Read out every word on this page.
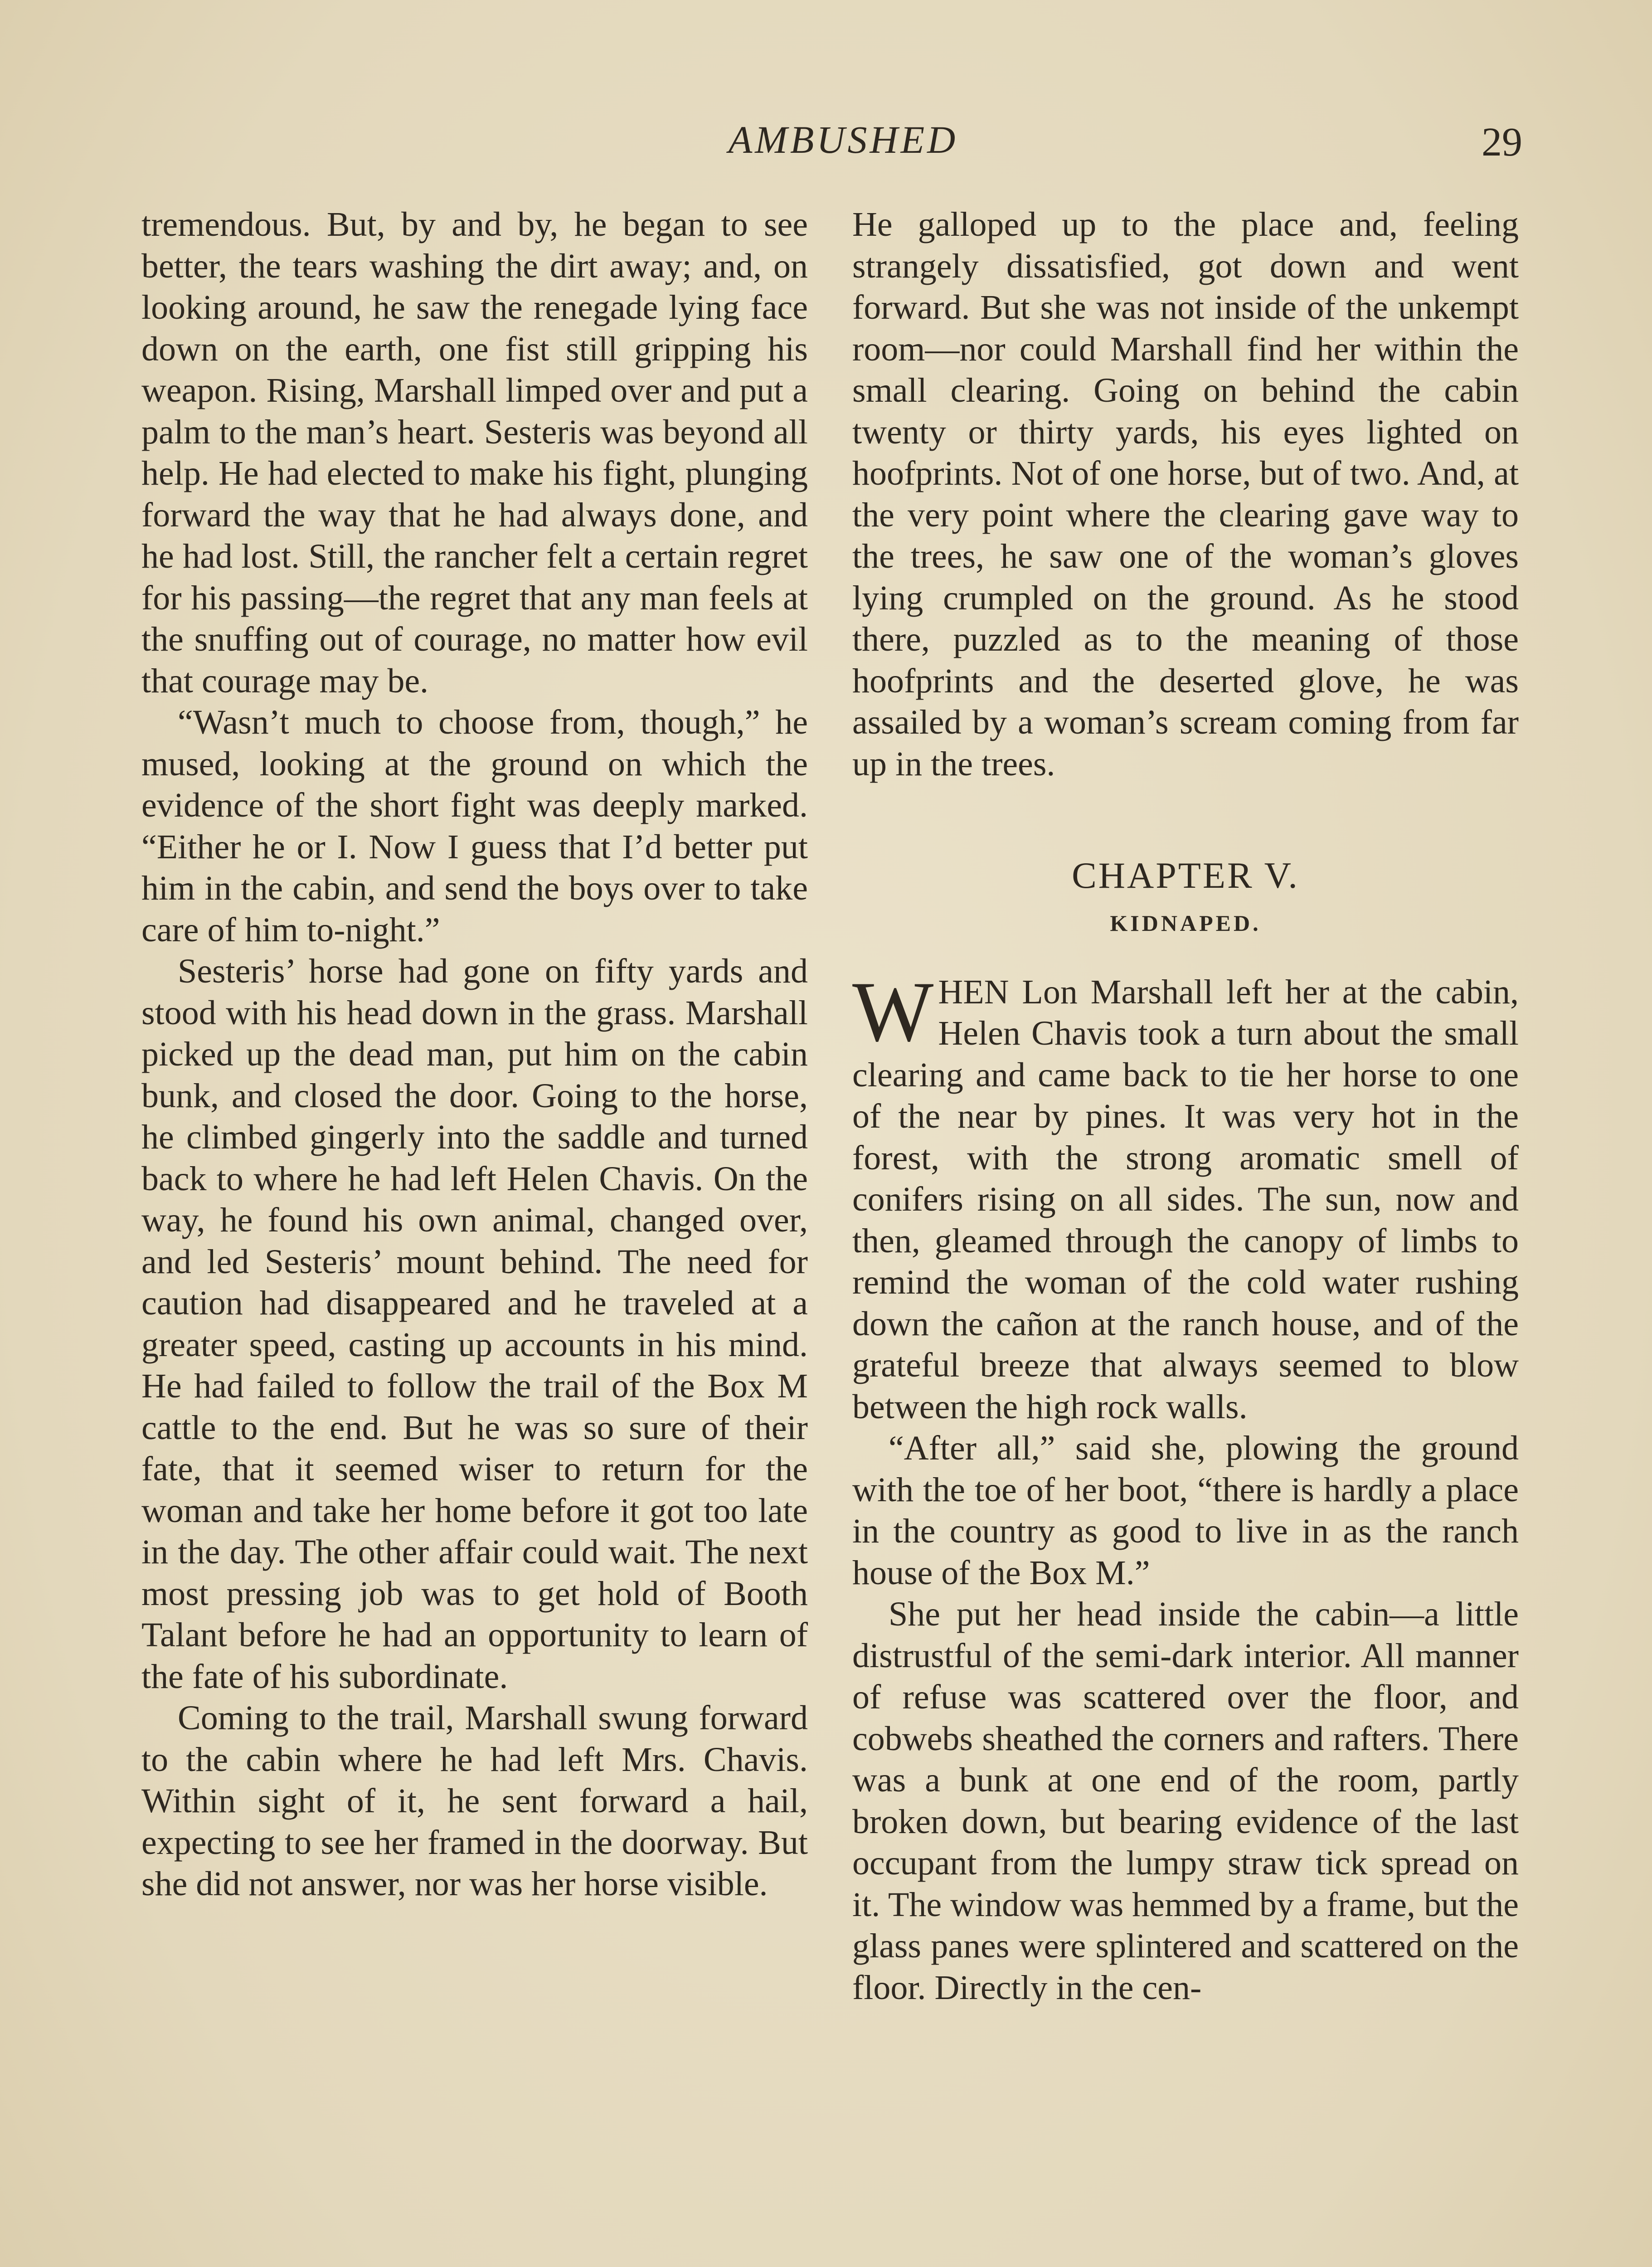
AMBUSHED	29

tremendous. But, by and by, he began to see better, the tears washing the dirt away; and, on looking around, he saw the renegade lying face down on the earth, one fist still gripping his weapon. Rising, Marshall limped over and put a palm to the man’s heart. Sesteris was beyond all help. He had elected to make his fight, plunging forward the way that he had always done, and he had lost. Still, the rancher felt a certain regret for his passing—the regret that any man feels at the snuffing out of courage, no matter how evil that courage may be.

“Wasn’t much to choose from, though,” he mused, looking at the ground on which the evidence of the short fight was deeply marked. “Either he or I. Now I guess that I’d better put him in the cabin, and send the boys over to take care of him to-night.”

Sesteris’ horse had gone on fifty yards and stood with his head down in the grass. Marshall picked up the dead man, put him on the cabin bunk, and closed the door. Going to the horse, he climbed gingerly into the saddle and turned back to where he had left Helen Chavis. On the way, he found his own animal, changed over, and led Sesteris’ mount behind. The need for caution had disappeared and he traveled at a greater speed, casting up accounts in his mind. He had failed to follow the trail of the Box M cattle to the end. But he was so sure of their fate, that it seemed wiser to return for the woman and take her home before it got too late in the day. The other affair could wait. The next most pressing job was to get hold of Booth Talant before he had an opportunity to learn of the fate of his subordinate.

Coming to the trail, Marshall swung forward to the cabin where he had left Mrs. Chavis. Within sight of it, he sent forward a hail, expecting to see her framed in the doorway. But she did not answer, nor was her horse visible.

He galloped up to the place and, feeling strangely dissatisfied, got down and went forward. But she was not inside of the unkempt room—nor could Marshall find her within the small clearing. Going on behind the cabin twenty or thirty yards, his eyes lighted on hoofprints. Not of one horse, but of two. And, at the very point where the clearing gave way to the trees, he saw one of the woman’s gloves lying crumpled on the ground. As he stood there, puzzled as to the meaning of those hoofprints and the deserted glove, he was assailed by a woman’s scream coming from far up in the trees.

CHAPTER V.
KIDNAPED.

WHEN Lon Marshall left her at the cabin, Helen Chavis took a turn about the small clearing and came back to tie her horse to one of the near by pines. It was very hot in the forest, with the strong aromatic smell of conifers rising on all sides. The sun, now and then, gleamed through the canopy of limbs to remind the woman of the cold water rushing down the cañon at the ranch house, and of the grateful breeze that always seemed to blow between the high rock walls.

“After all,” said she, plowing the ground with the toe of her boot, “there is hardly a place in the country as good to live in as the ranch house of the Box M.”

She put her head inside the cabin—a little distrustful of the semi-dark interior. All manner of refuse was scattered over the floor, and cobwebs sheathed the corners and rafters. There was a bunk at one end of the room, partly broken down, but bearing evidence of the last occupant from the lumpy straw tick spread on it. The window was hemmed by a frame, but the glass panes were splintered and scattered on the floor. Directly in the cen-
